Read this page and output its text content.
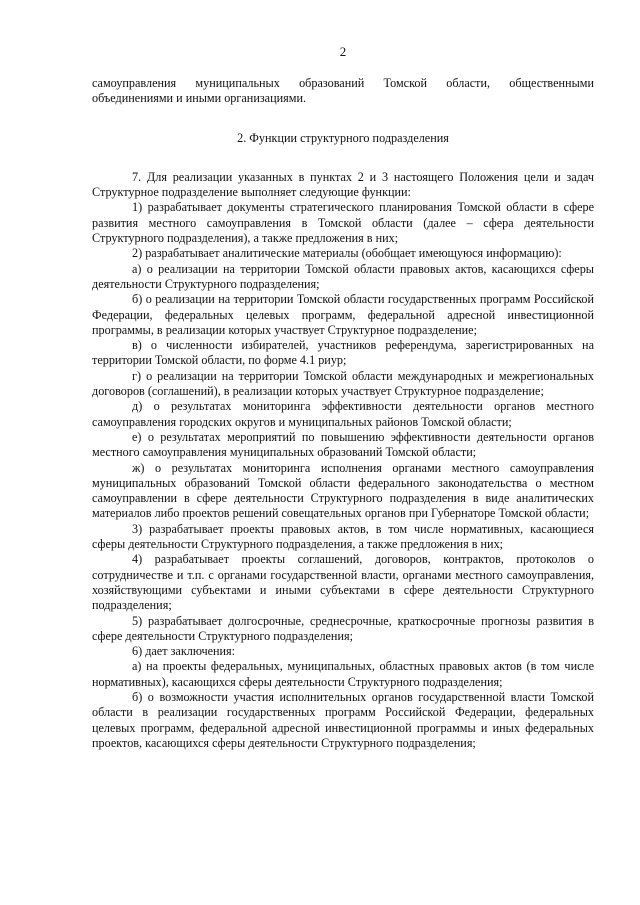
2

самоуправления муниципальных образований Томской области, общественными объединениями и иными организациями.

2. Функции структурного подразделения

7. Для реализации указанных в пунктах 2 и 3 настоящего Положения цели и задач Структурное подразделение выполняет следующие функции:

1) разрабатывает документы стратегического планирования Томской области в сфере развития местного самоуправления в Томской области (далее – сфера деятельности Структурного подразделения), а также предложения в них;

2) разрабатывает аналитические материалы (обобщает имеющуюся информацию):

а) о реализации на территории Томской области правовых актов, касающихся сферы деятельности Структурного подразделения;

б) о реализации на территории Томской области государственных программ Российской Федерации, федеральных целевых программ, федеральной адресной инвестиционной программы, в реализации которых участвует Структурное подразделение;

в) о численности избирателей, участников референдума, зарегистрированных на территории Томской области, по форме 4.1 риур;

г) о реализации на территории Томской области международных и межрегиональных договоров (соглашений), в реализации которых участвует Структурное подразделение;

д) о результатах мониторинга эффективности деятельности органов местного самоуправления городских округов и муниципальных районов Томской области;

е) о результатах мероприятий по повышению эффективности деятельности органов местного самоуправления муниципальных образований Томской области;

ж) о результатах мониторинга исполнения органами местного самоуправления муниципальных образований Томской области федерального законодательства о местном самоуправлении в сфере деятельности Структурного подразделения в виде аналитических материалов либо проектов решений совещательных органов при Губернаторе Томской области;

3) разрабатывает проекты правовых актов, в том числе нормативных, касающиеся сферы деятельности Структурного подразделения, а также предложения в них;

4) разрабатывает проекты соглашений, договоров, контрактов, протоколов о сотрудничестве и т.п. с органами государственной власти, органами местного самоуправления, хозяйствующими субъектами и иными субъектами в сфере деятельности Структурного подразделения;

5) разрабатывает долгосрочные, среднесрочные, краткосрочные прогнозы развития в сфере деятельности Структурного подразделения;

6) дает заключения:

а) на проекты федеральных, муниципальных, областных правовых актов (в том числе нормативных), касающихся сферы деятельности Структурного подразделения;

б) о возможности участия исполнительных органов государственной власти Томской области в реализации государственных программ Российской Федерации, федеральных целевых программ, федеральной адресной инвестиционной программы и иных федеральных проектов, касающихся сферы деятельности Структурного подразделения;
